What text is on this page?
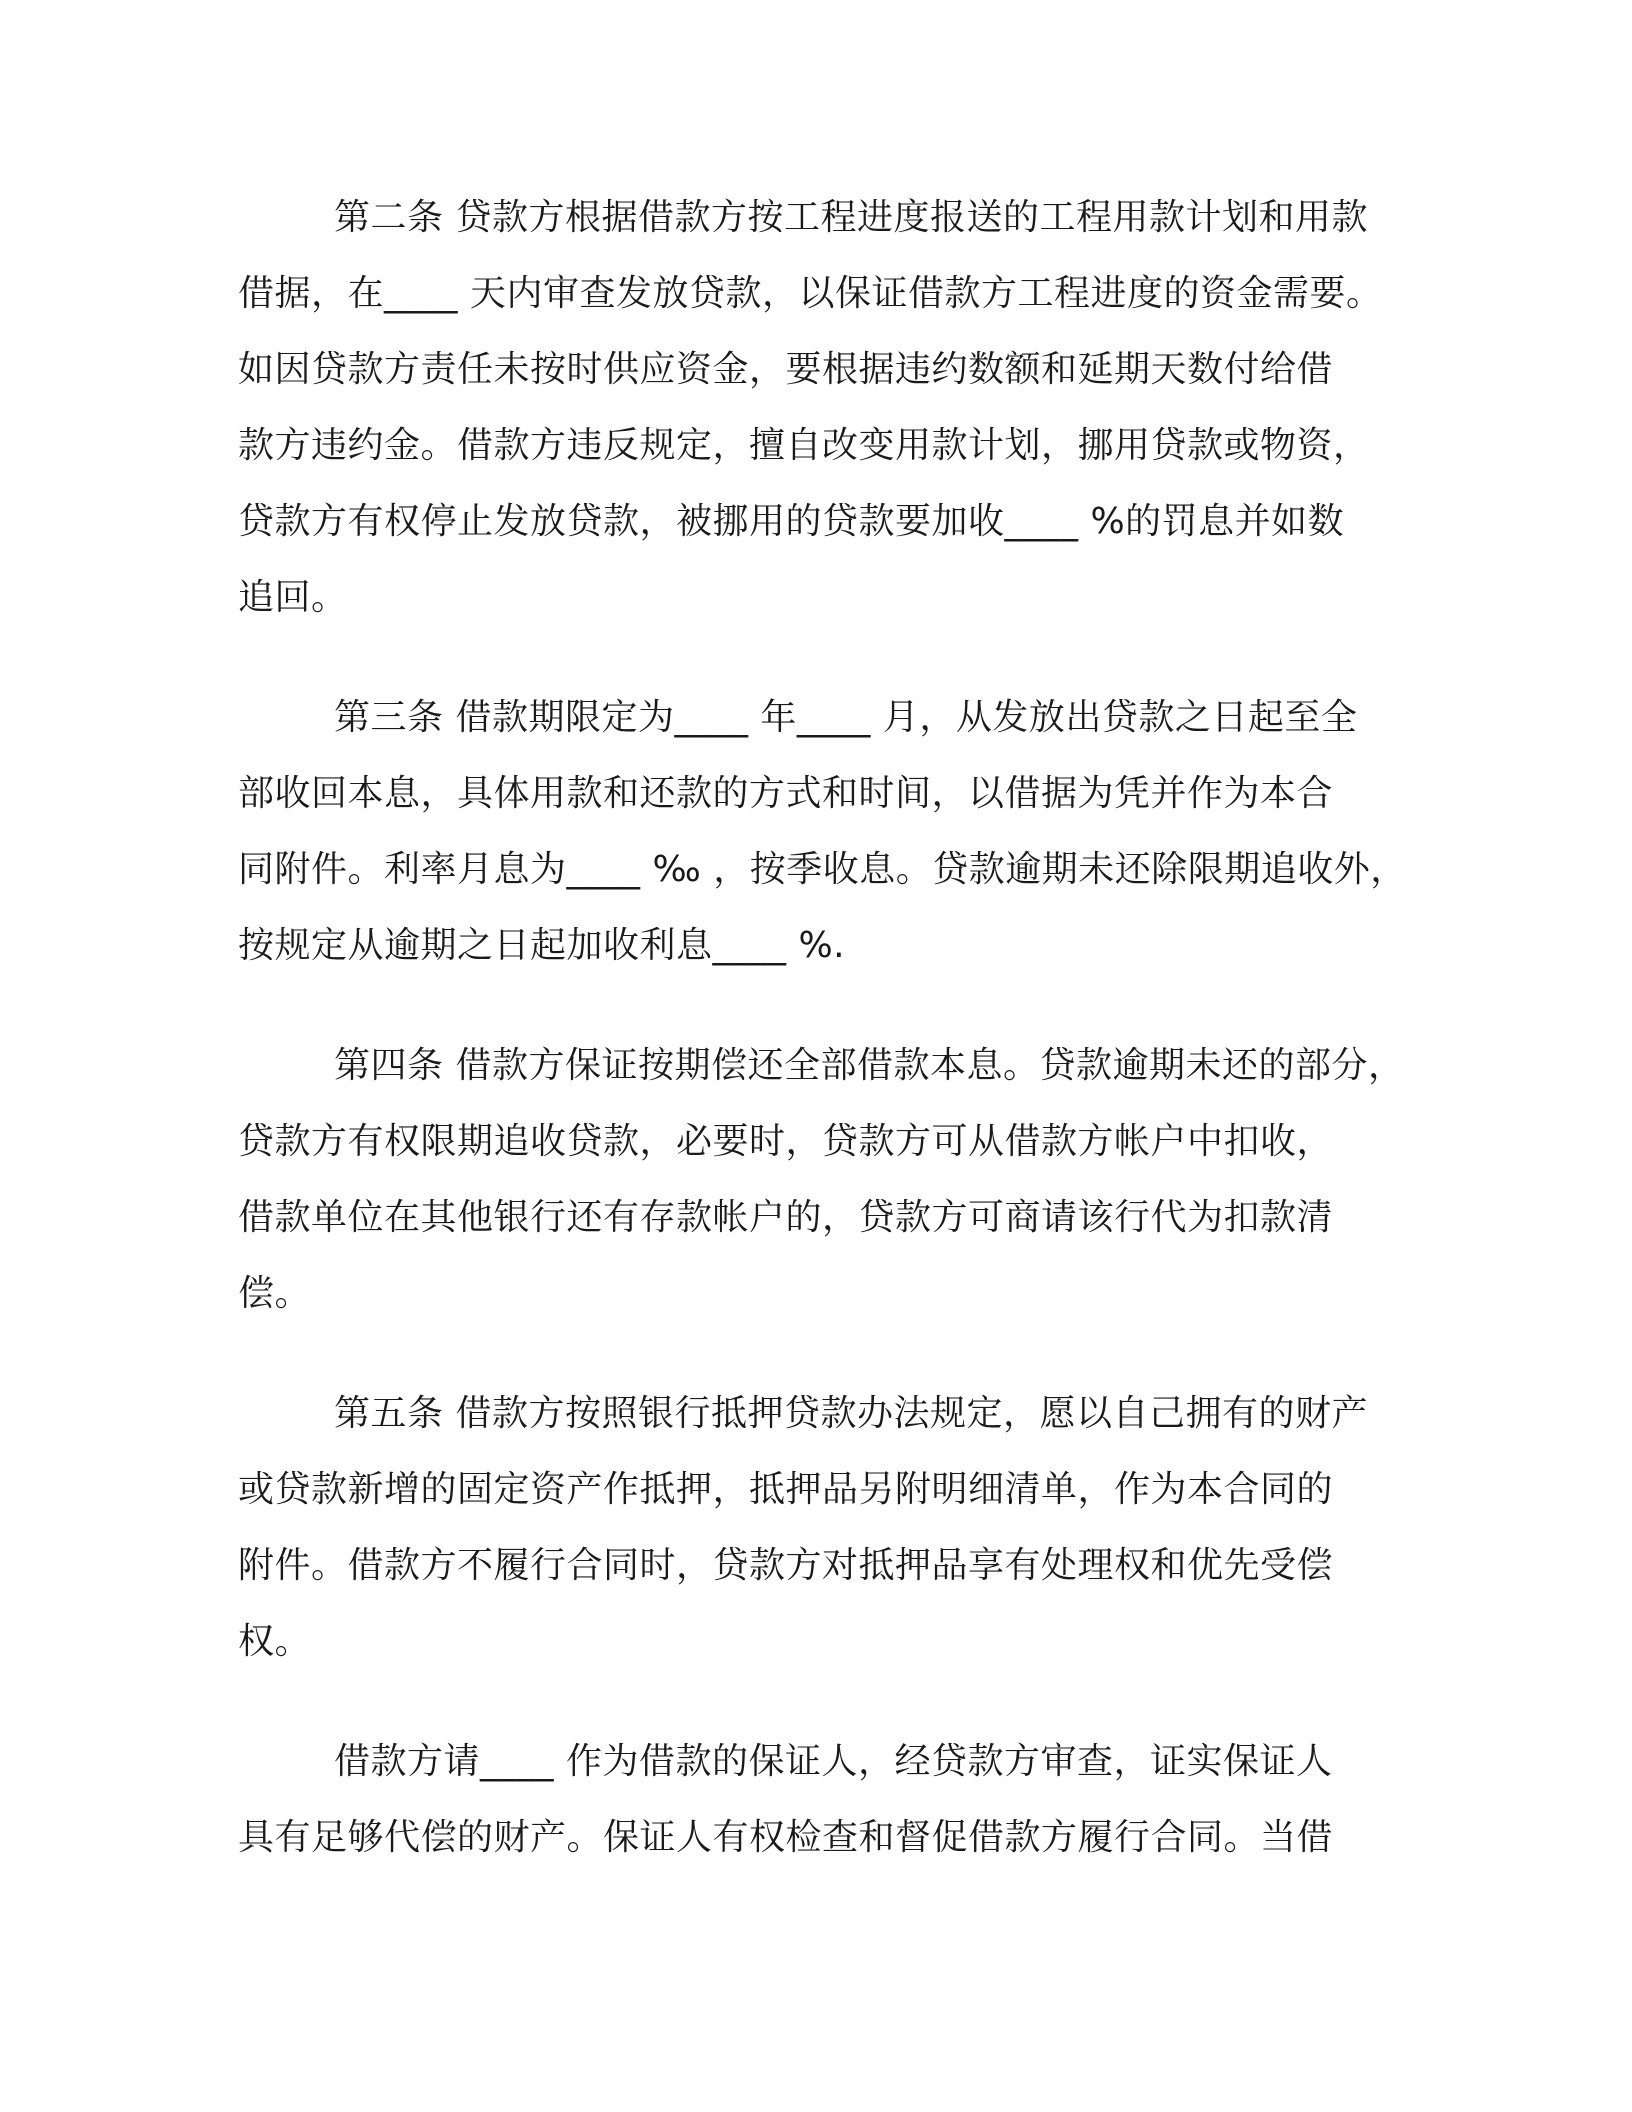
第二条 贷款方根据借款方按工程进度报送的工程用款计划和用款
借据，在____ 天内审查发放贷款，以保证借款方工程进度的资金需要。
如因贷款方责任未按时供应资金，要根据违约数额和延期天数付给借
款方违约金。借款方违反规定，擅自改变用款计划，挪用贷款或物资，
贷款方有权停止发放贷款，被挪用的贷款要加收____ %的罚息并如数
追回。
第三条 借款期限定为____ 年____ 月，从发放出贷款之日起至全
部收回本息，具体用款和还款的方式和时间，以借据为凭并作为本合
同附件。利率月息为____ ‰ ，按季收息。贷款逾期未还除限期追收外，
按规定从逾期之日起加收利息____ %.
第四条 借款方保证按期偿还全部借款本息。贷款逾期未还的部分，
贷款方有权限期追收贷款，必要时，贷款方可从借款方帐户中扣收，
借款单位在其他银行还有存款帐户的，贷款方可商请该行代为扣款清
偿。
第五条 借款方按照银行抵押贷款办法规定，愿以自己拥有的财产
或贷款新增的固定资产作抵押，抵押品另附明细清单，作为本合同的
附件。借款方不履行合同时，贷款方对抵押品享有处理权和优先受偿
权。
借款方请____ 作为借款的保证人，经贷款方审查，证实保证人
具有足够代偿的财产。保证人有权检查和督促借款方履行合同。当借
